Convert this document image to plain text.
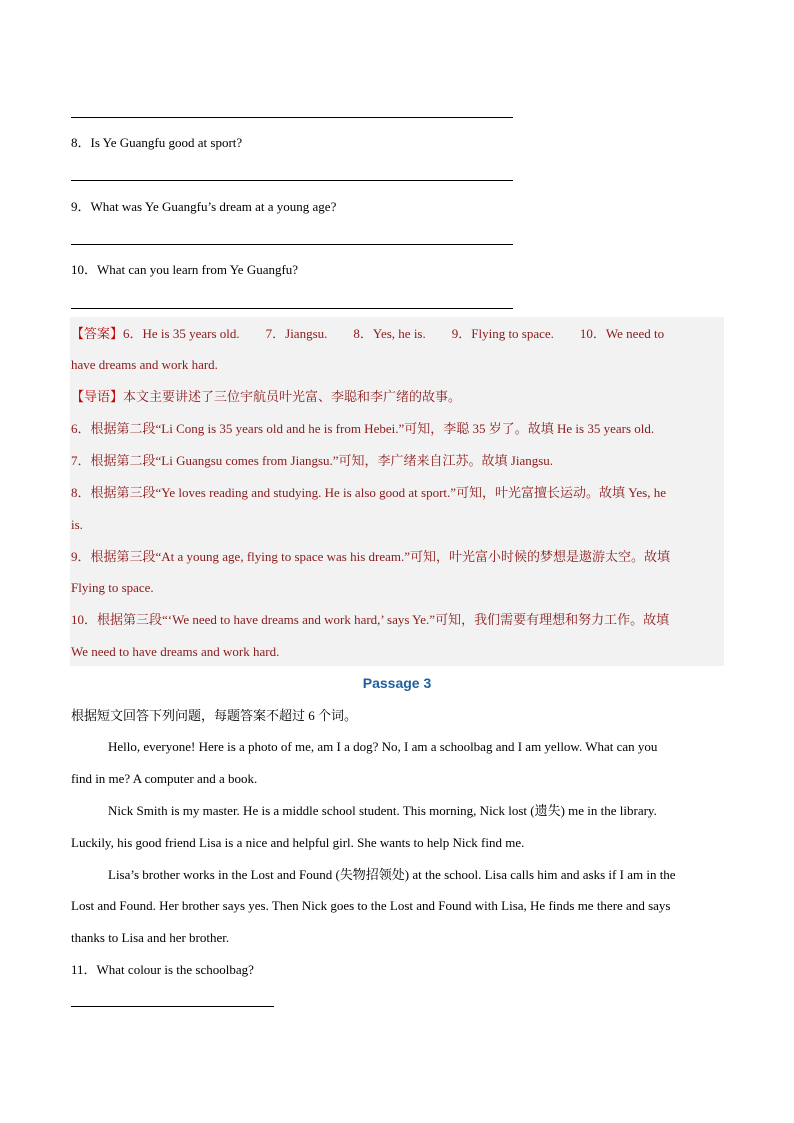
8．Is Ye Guangfu good at sport?
9．What was Ye Guangfu’s dream at a young age?
10．What can you learn from Ye Guangfu?
【答案】6．He is 35 years old.        7．Jiangsu.        8．Yes, he is.        9．Flying to space.        10．We need to
have dreams and work hard.
【导语】本文主要讲述了三位宇航员叶光富、李聪和李广绪的故事。
6．根据第二段“Li Cong is 35 years old and he is from Hebei.”可知，李聪 35 岁了。故填 He is 35 years old.
7．根据第二段“Li Guangsu comes from Jiangsu.”可知，李广绪来自江苏。故填 Jiangsu.
8．根据第三段“Ye loves reading and studying. He is also good at sport.”可知，叶光富擅长运动。故填 Yes, he
is.
9．根据第三段“At a young age, flying to space was his dream.”可知，叶光富小时候的梦想是遨游太空。故填
Flying to space.
10．根据第三段“‘We need to have dreams and work hard,’ says Ye.”可知，我们需要有理想和努力工作。故填
We need to have dreams and work hard.
Passage 3
根据短文回答下列问题，每题答案不超过 6 个词。
Hello, everyone! Here is a photo of me, am I a dog? No, I am a schoolbag and I am yellow. What can you
find in me? A computer and a book.
Nick Smith is my master. He is a middle school student. This morning, Nick lost (遗失) me in the library.
Luckily, his good friend Lisa is a nice and helpful girl. She wants to help Nick find me.
Lisa’s brother works in the Lost and Found (失物招领处) at the school. Lisa calls him and asks if I am in the
Lost and Found. Her brother says yes. Then Nick goes to the Lost and Found with Lisa, He finds me there and says
thanks to Lisa and her brother.
11．What colour is the schoolbag?
